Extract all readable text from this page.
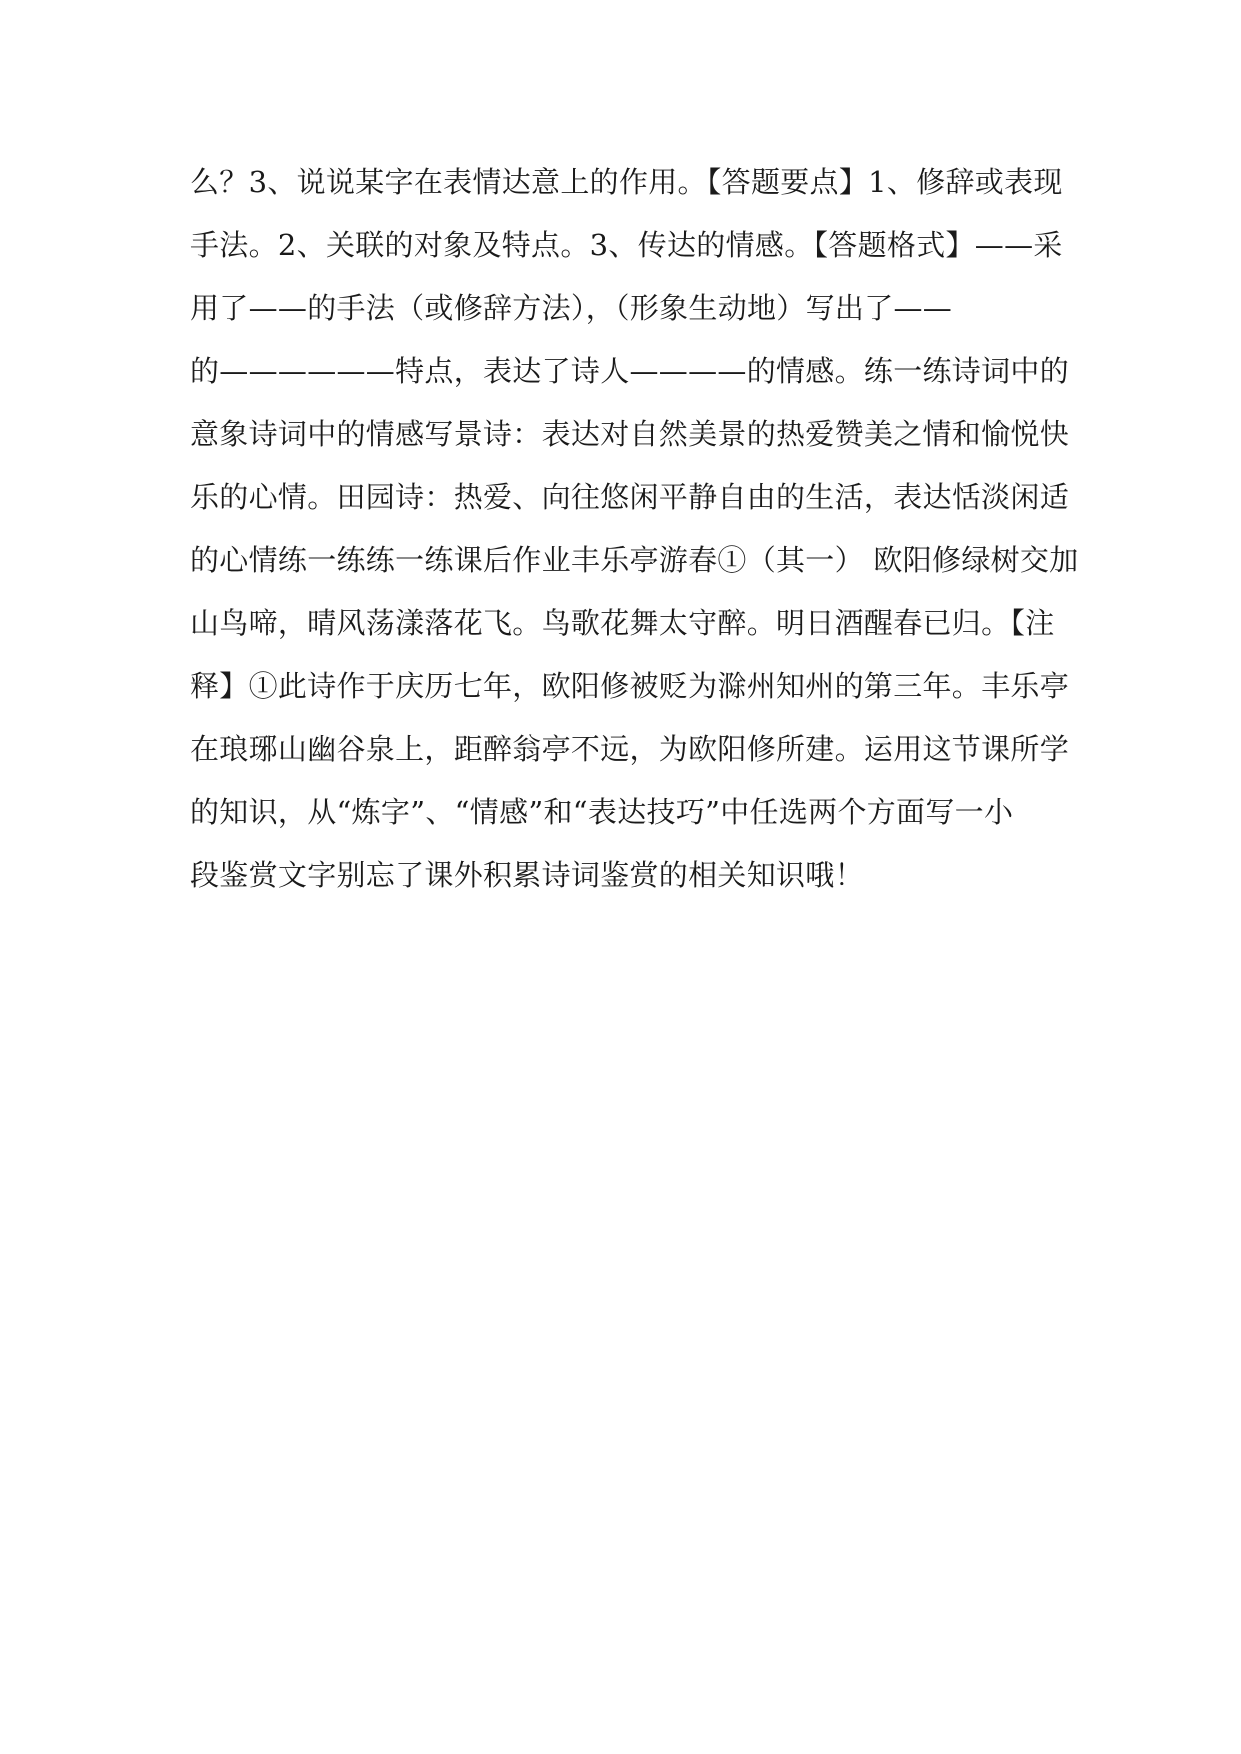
么？3、说说某字在表情达意上的作用。【答题要点】1、修辞或表现
手法。2、关联的对象及特点。3、传达的情感。【答题格式】——采
用了——的手法（或修辞方法），（形象生动地）写出了——
的——————特点，表达了诗人————的情感。练一练诗词中的
意象诗词中的情感写景诗：表达对自然美景的热爱赞美之情和愉悦快
乐的心情。田园诗：热爱、向往悠闲平静自由的生活，表达恬淡闲适
的心情练一练练一练课后作业丰乐亭游春①（其一） 欧阳修绿树交加
山鸟啼，晴风荡漾落花飞。鸟歌花舞太守醉。明日酒醒春已归。【注
释】①此诗作于庆历七年，欧阳修被贬为滁州知州的第三年。丰乐亭
在琅琊山幽谷泉上，距醉翁亭不远，为欧阳修所建。运用这节课所学
的知识，从“炼字”、“情感”和“表达技巧”中任选两个方面写一小
段鉴赏文字别忘了课外积累诗词鉴赏的相关知识哦！
